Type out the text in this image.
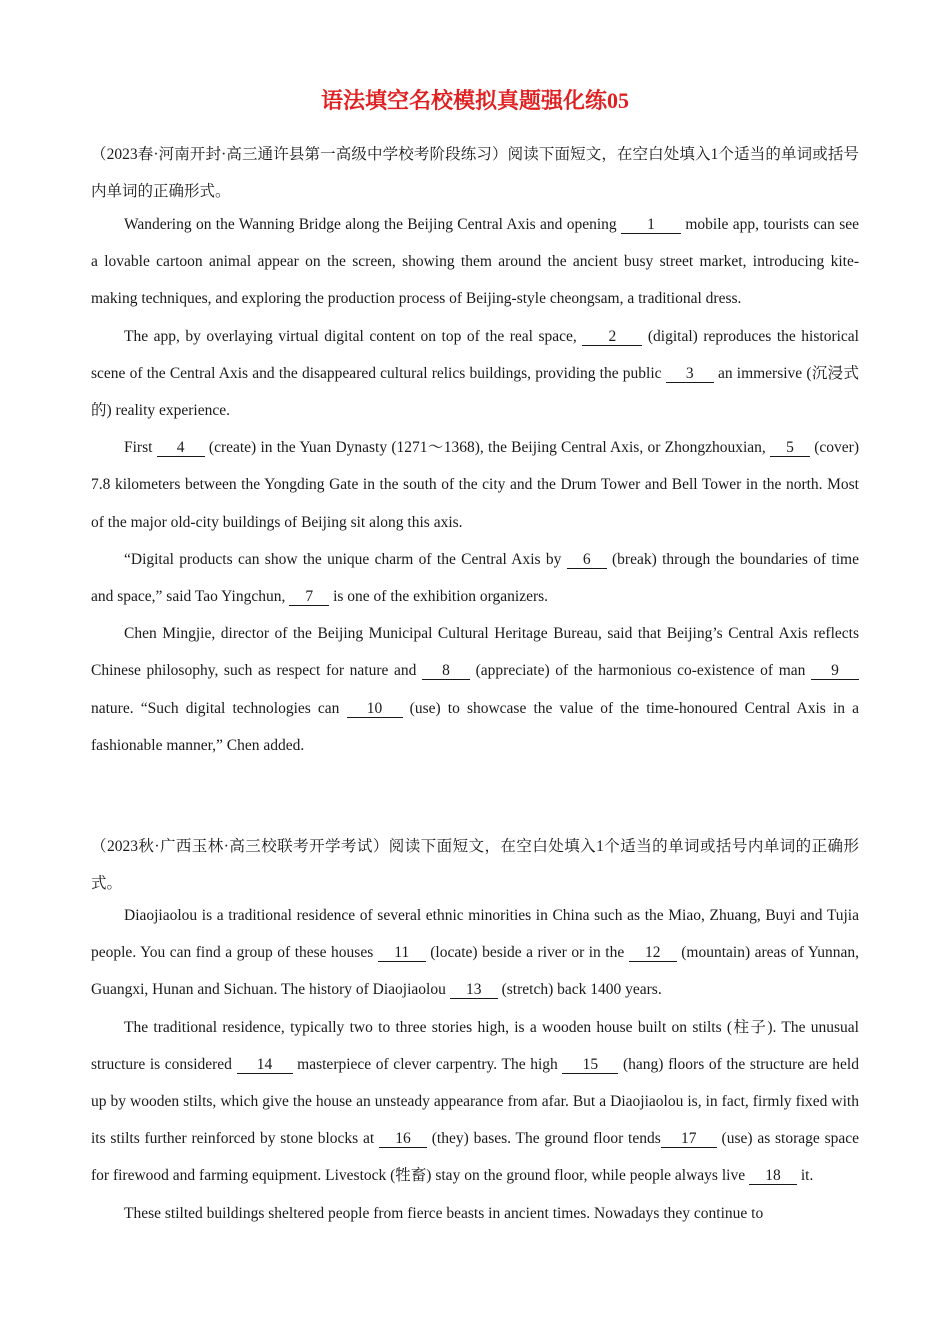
语法填空名校模拟真题强化练05

（2023春·河南开封·高三通许县第一高级中学校考阶段练习）阅读下面短文，在空白处填入1个适当的单词或括号内单词的正确形式。

Wandering on the Wanning Bridge along the Beijing Central Axis and opening 1 mobile app, tourists can see a lovable cartoon animal appear on the screen, showing them around the ancient busy street market, introducing kite-making techniques, and exploring the production process of Beijing-style cheongsam, a traditional dress.

The app, by overlaying virtual digital content on top of the real space, 2 (digital) reproduces the historical scene of the Central Axis and the disappeared cultural relics buildings, providing the public 3 an immersive (沉浸式的) reality experience.

First 4 (create) in the Yuan Dynasty (1271～1368), the Beijing Central Axis, or Zhongzhouxian, 5 (cover) 7.8 kilometers between the Yongding Gate in the south of the city and the Drum Tower and Bell Tower in the north. Most of the major old-city buildings of Beijing sit along this axis.

“Digital products can show the unique charm of the Central Axis by 6 (break) through the boundaries of time and space,” said Tao Yingchun, 7 is one of the exhibition organizers.

Chen Mingjie, director of the Beijing Municipal Cultural Heritage Bureau, said that Beijing’s Central Axis reflects Chinese philosophy, such as respect for nature and 8 (appreciate) of the harmonious co-existence of man 9 nature. “Such digital technologies can 10 (use) to showcase the value of the time-honoured Central Axis in a fashionable manner,” Chen added.

（2023秋·广西玉林·高三校联考开学考试）阅读下面短文，在空白处填入1个适当的单词或括号内单词的正确形式。

Diaojiaolou is a traditional residence of several ethnic minorities in China such as the Miao, Zhuang, Buyi and Tujia people. You can find a group of these houses 11 (locate) beside a river or in the 12 (mountain) areas of Yunnan, Guangxi, Hunan and Sichuan. The history of Diaojiaolou 13 (stretch) back 1400 years.

The traditional residence, typically two to three stories high, is a wooden house built on stilts (柱子). The unusual structure is considered 14 masterpiece of clever carpentry. The high 15 (hang) floors of the structure are held up by wooden stilts, which give the house an unsteady appearance from afar. But a Diaojiaolou is, in fact, firmly fixed with its stilts further reinforced by stone blocks at 16 (they) bases. The ground floor tends 17 (use) as storage space for firewood and farming equipment. Livestock (牲畜) stay on the ground floor, while people always live 18 it.

These stilted buildings sheltered people from fierce beasts in ancient times. Nowadays they continue to
